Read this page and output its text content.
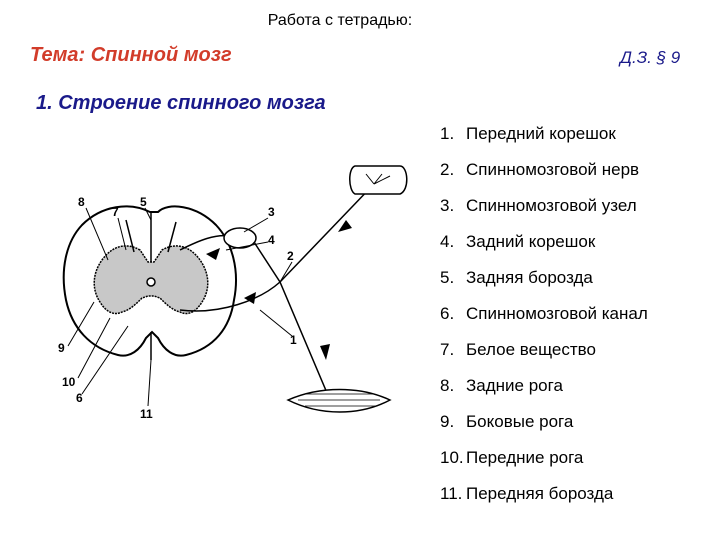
Работа с тетрадью:
Тема: Спинной мозг	Д.З. § 9
1. Строение спинного мозга
1. Передний корешок
2. Спинномозговой нерв
3. Спинномозговой узел
4. Задний корешок
5. Задняя борозда
6. Спинномозговой канал
7. Белое вещество
8. Задние рога
9. Боковые рога
10. Передние рога
11. Передняя борозда
8
7
5
3
4
2
1
9
10
6
11
